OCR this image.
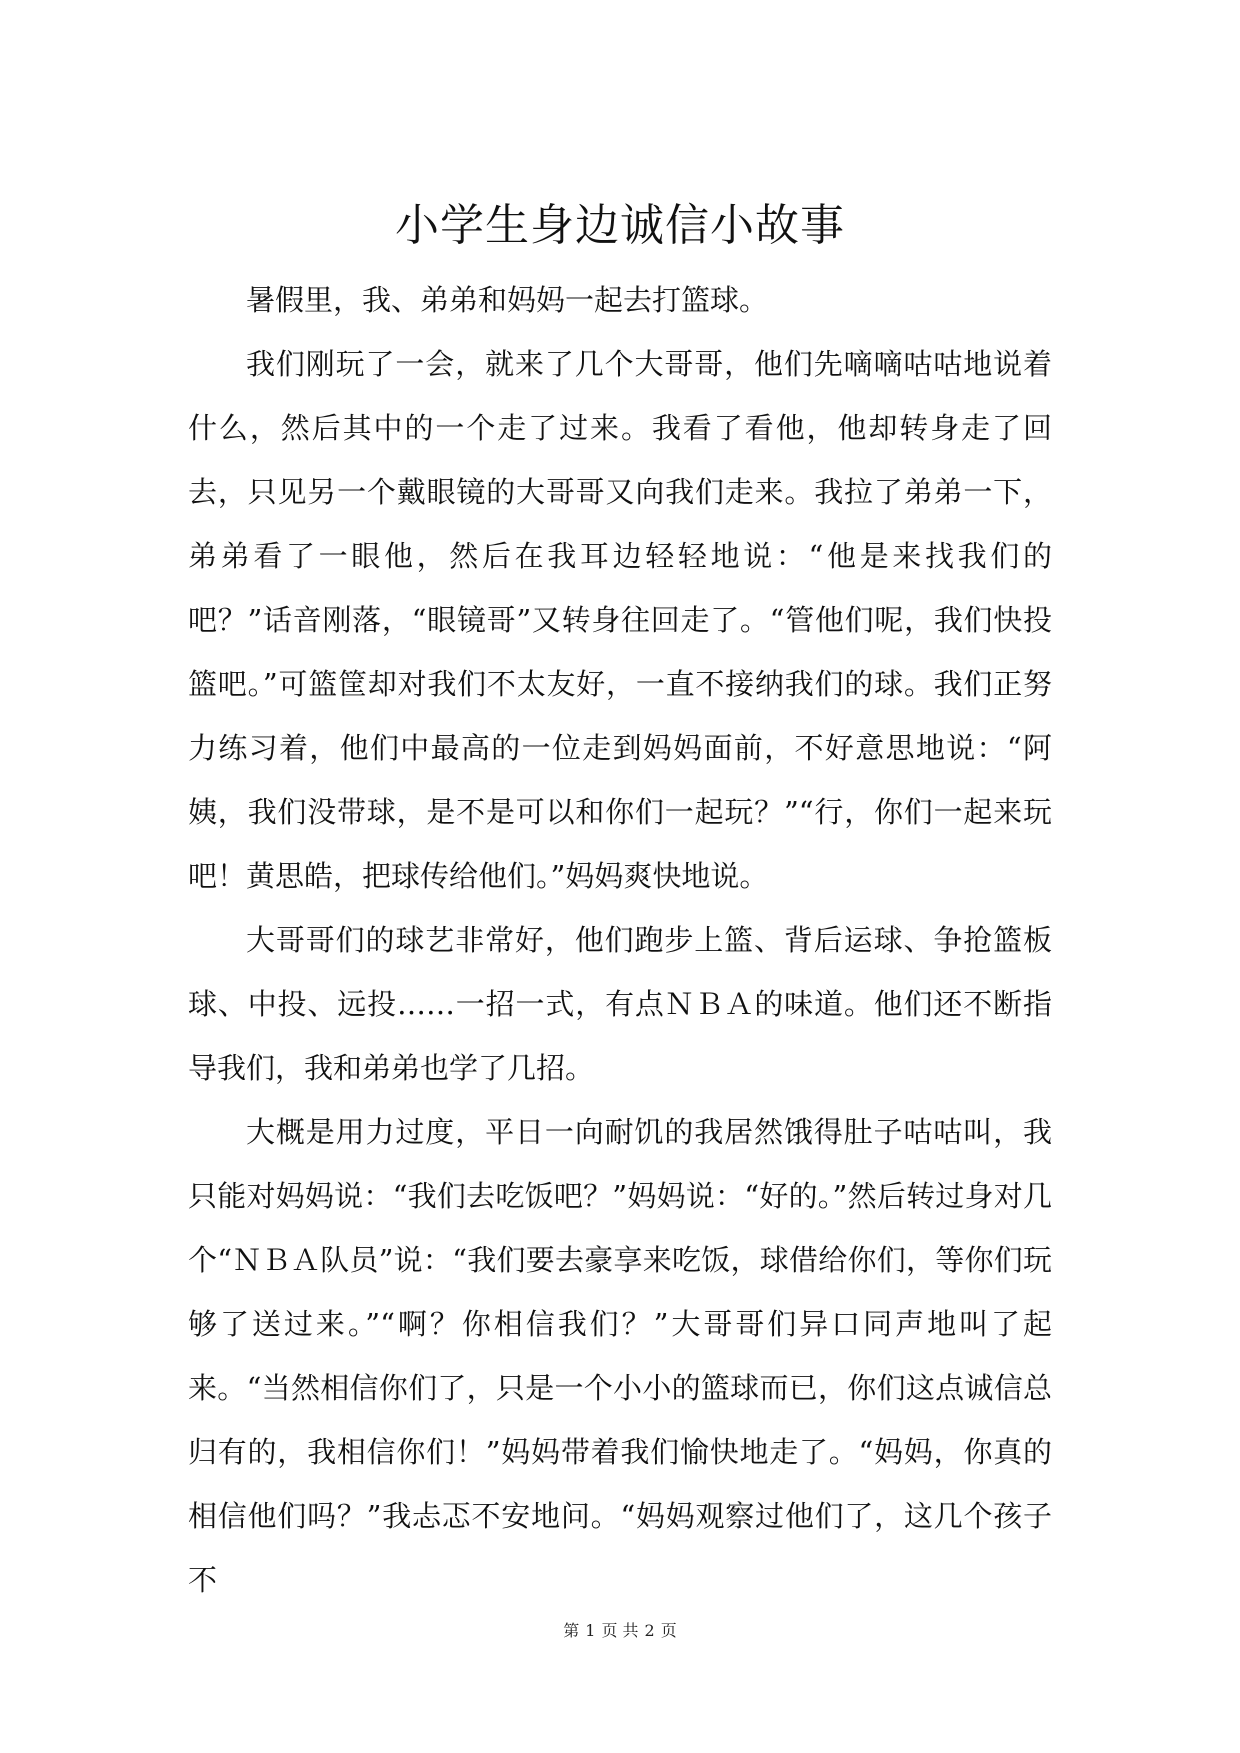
小学生身边诚信小故事

暑假里，我、弟弟和妈妈一起去打篮球。

我们刚玩了一会，就来了几个大哥哥，他们先嘀嘀咕咕地说着什么，然后其中的一个走了过来。我看了看他，他却转身走了回去，只见另一个戴眼镜的大哥哥又向我们走来。我拉了弟弟一下，弟弟看了一眼他，然后在我耳边轻轻地说：“他是来找我们的吧？”话音刚落，“眼镜哥”又转身往回走了。“管他们呢，我们快投篮吧。”可篮筐却对我们不太友好，一直不接纳我们的球。我们正努力练习着，他们中最高的一位走到妈妈面前，不好意思地说：“阿姨，我们没带球，是不是可以和你们一起玩？”“行，你们一起来玩吧！黄思皓，把球传给他们。”妈妈爽快地说。

大哥哥们的球艺非常好，他们跑步上篮、背后运球、争抢篮板球、中投、远投……一招一式，有点ＮＢＡ的味道。他们还不断指导我们，我和弟弟也学了几招。

大概是用力过度，平日一向耐饥的我居然饿得肚子咕咕叫，我只能对妈妈说：“我们去吃饭吧？”妈妈说：“好的。”然后转过身对几个“ＮＢＡ队员”说：“我们要去豪享来吃饭，球借给你们，等你们玩够了送过来。”“啊？你相信我们？”大哥哥们异口同声地叫了起来。“当然相信你们了，只是一个小小的篮球而已，你们这点诚信总归有的，我相信你们！”妈妈带着我们愉快地走了。“妈妈，你真的相信他们吗？”我忐忑不安地问。“妈妈观察过他们了，这几个孩子不

第 1 页 共 2 页
